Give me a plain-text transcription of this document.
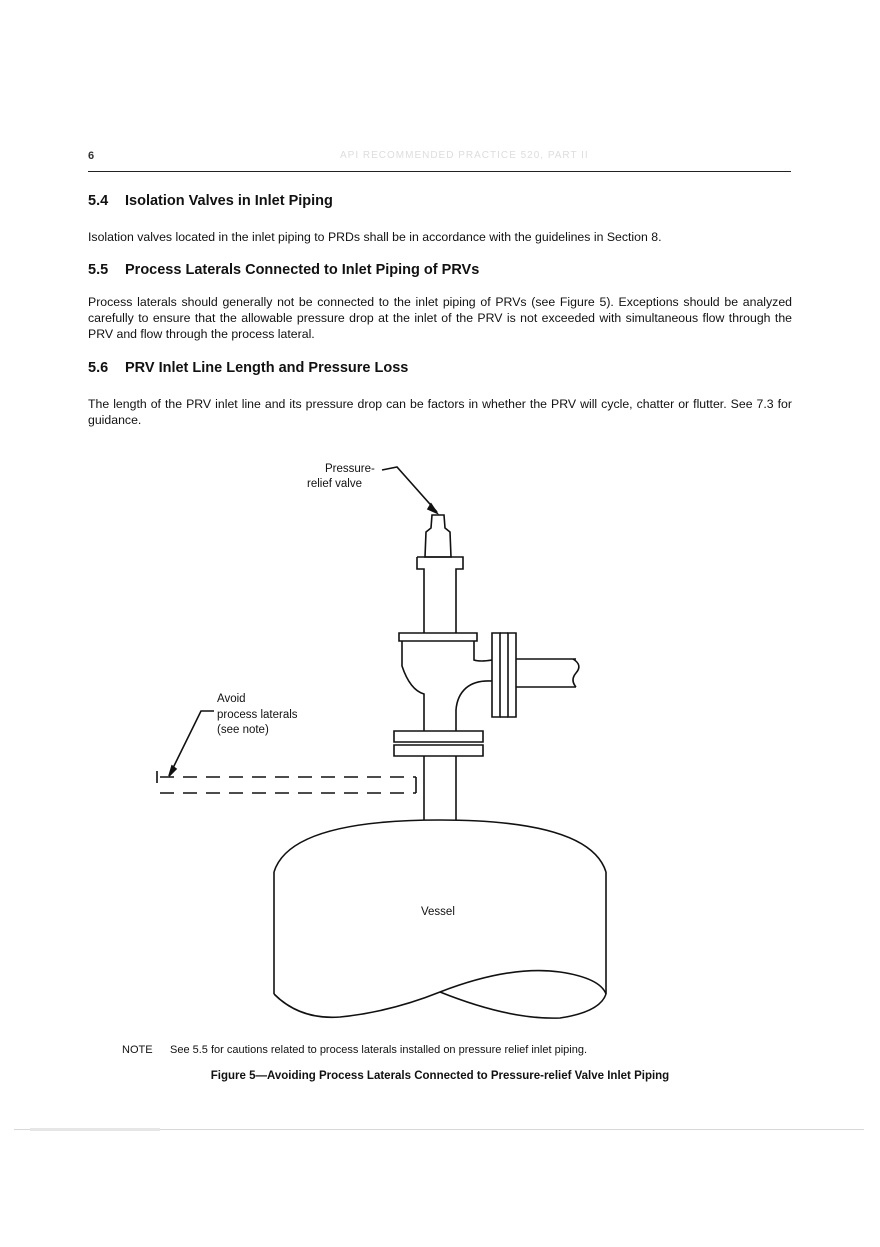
6	API RECOMMENDED PRACTICE 520, PART II
5.4 Isolation Valves in Inlet Piping

Isolation valves located in the inlet piping to PRDs shall be in accordance with the guidelines in Section 8.

5.5 Process Laterals Connected to Inlet Piping of PRVs

Process laterals should generally not be connected to the inlet piping of PRVs (see Figure 5). Exceptions should be analyzed carefully to ensure that the allowable pressure drop at the inlet of the PRV is not exceeded with simultaneous flow through the PRV and flow through the process lateral.

5.6 PRV Inlet Line Length and Pressure Loss

The length of the PRV inlet line and its pressure drop can be factors in whether the PRV will cycle, chatter or flutter. See 7.3 for guidance.

Pressure-
relief valve
Avoid
process laterals
(see note)
Vessel
NOTE See 5.5 for cautions related to process laterals installed on pressure relief inlet piping.
Figure 5—Avoiding Process Laterals Connected to Pressure-relief Valve Inlet Piping
